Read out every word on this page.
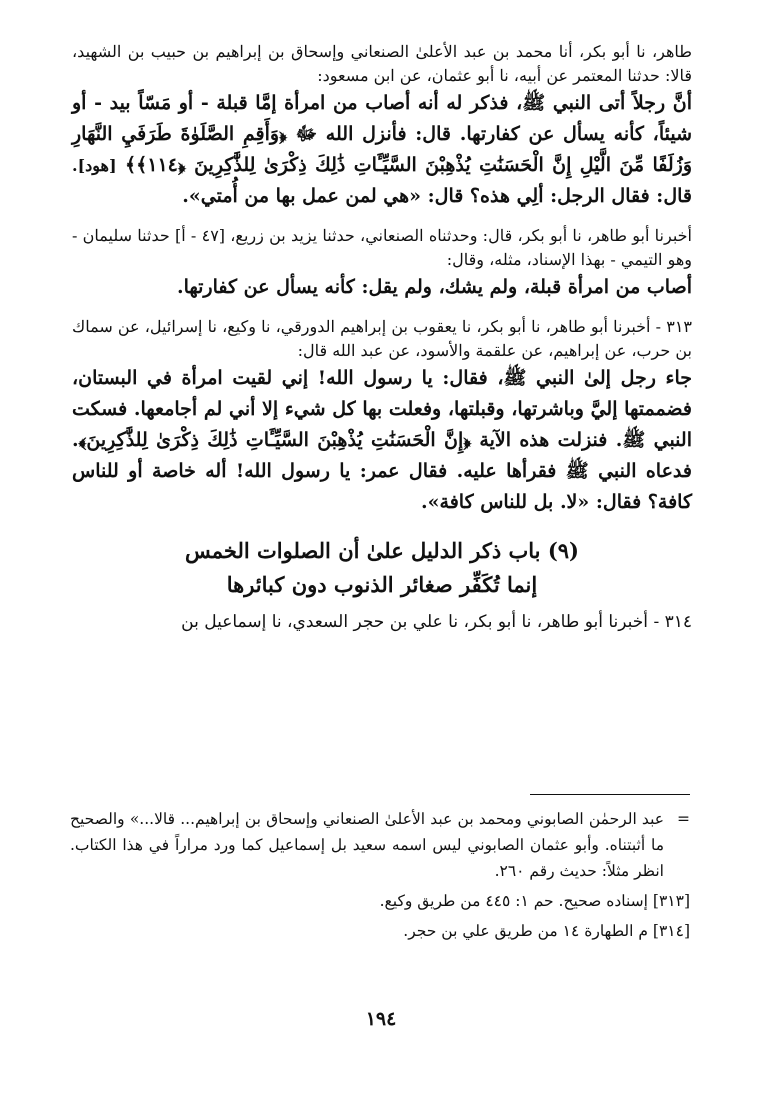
طاهر، نا أبو بكر، أنا محمد بن عبد الأعلىٰ الصنعاني وإسحاق بن إبراهيم بن حبيب بن الشهيد، قالا: حدثنا المعتمر عن أبيه، نا أبو عثمان، عن ابن مسعود:

أنَّ رجلاً أتى النبي ﷺ، فذكر له أنه أصاب من امرأة إمَّا قبلة - أو مَسّاً بيد - أو شيئاً، كأنه يسأل عن كفارتها. قال: فأنزل الله ﷻ ﴿وَأَقِمِ الصَّلَوٰةَ طَرَفَيِ النَّهَارِ وَزُلَفًا مِّنَ الَّيْلِ إِنَّ الْحَسَنَٰتِ يُذْهِبْنَ السَّيِّـَٔاتِ ذَٰلِكَ ذِكْرَىٰ لِلذَّٰكِرِينَ ﴿١١٤﴾﴾ [هود]. قال: فقال الرجل: ألِي هذه؟ قال: «هي لمن عمل بها من أُمتي».

أخبرنا أبو طاهر، نا أبو بكر، قال: وحدثناه الصنعاني، حدثنا يزيد بن زريع، [٤٧ - أ] حدثنا سليمان - وهو التيمي - بهذا الإسناد، مثله، وقال:

أصاب من امرأة قبلة، ولم يشك، ولم يقل: كأنه يسأل عن كفارتها.

٣١٣ - أخبرنا أبو طاهر، نا أبو بكر، نا يعقوب بن إبراهيم الدورقي، نا وكيع، نا إسرائيل، عن سماك بن حرب، عن إبراهيم، عن علقمة والأسود، عن عبد الله قال:

جاء رجل إلىٰ النبي ﷺ، فقال: يا رسول الله! إني لقيت امرأة في البستان، فضممتها إليَّ وباشرتها، وقبلتها، وفعلت بها كل شيء إلا أني لم أجامعها. فسكت النبي ﷺ. فنزلت هذه الآية ﴿إِنَّ الْحَسَنَٰتِ يُذْهِبْنَ السَّيِّـَٔاتِ ذَٰلِكَ ذِكْرَىٰ لِلذَّٰكِرِينَ﴾. فدعاه النبي ﷺ فقرأها عليه. فقال عمر: يا رسول الله! أله خاصة أو للناس كافة؟ فقال: «لا. بل للناس كافة».

(٩) باب ذكر الدليل علىٰ أن الصلوات الخمس
إنما تُكَفِّر صغائر الذنوب دون كبائرها

٣١٤ - أخبرنا أبو طاهر، نا أبو بكر، نا علي بن حجر السعدي، نا إسماعيل بن

=
عبد الرحمٰن الصابوني ومحمد بن عبد الأعلىٰ الصنعاني وإسحاق بن إبراهيم... قالا...» والصحيح ما أثبتناه. وأبو عثمان الصابوني ليس اسمه سعيد بل إسماعيل كما ورد مراراً في هذا الكتاب. انظر مثلاً: حديث رقم ٢٦٠.
[٣١٣] إسناده صحيح. حم ١: ٤٤٥ من طريق وكيع.
[٣١٤] م الطهارة ١٤ من طريق علي بن حجر.
١٩٤
